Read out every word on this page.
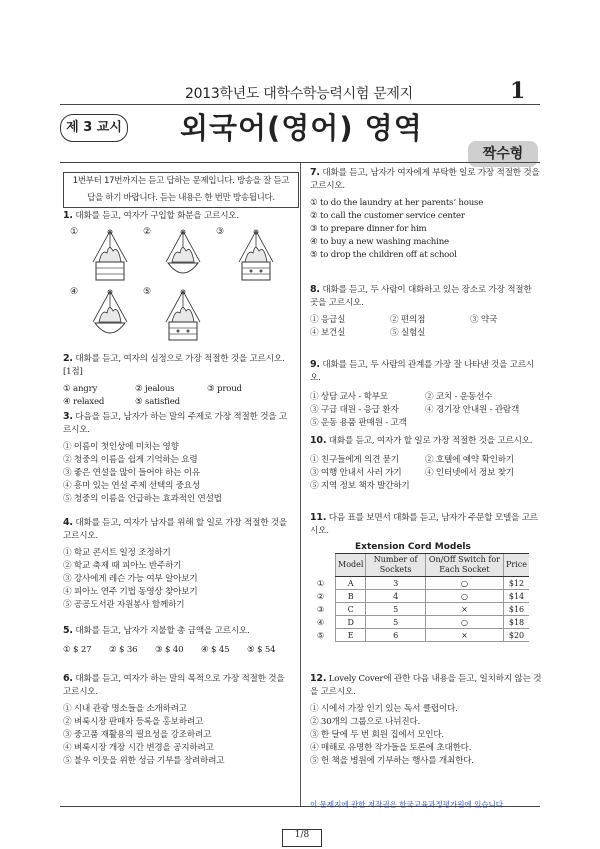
2013학년도 대학수학능력시험 문제지	1
제 3 교시 외국어(영어) 영역
짝수형
1번부터 17번까지는 듣고 답하는 문제입니다. 방송을 잘 듣고 답을 하기 바랍니다. 듣는 내용은 한 번만 방송됩니다.
1. 대화를 듣고, 여자가 구입할 화분을 고르시오.
①	②	③
④	⑤
2. 대화를 듣고, 여자의 심정으로 가장 적절한 것을 고르시오. [1점]
① angry	② jealous	③ proud
④ relaxed	⑤ satisfied
3. 다음을 듣고, 남자가 하는 말의 주제로 가장 적절한 것을 고르시오.
① 이름이 첫인상에 미치는 영향
② 청중의 이름을 쉽게 기억하는 요령
③ 좋은 연설을 많이 들어야 하는 이유
④ 흥미 있는 연설 주제 선택의 중요성
⑤ 청중의 이름을 언급하는 효과적인 연설법
4. 대화를 듣고, 여자가 남자를 위해 할 일로 가장 적절한 것을 고르시오.
① 학교 콘서트 일정 조정하기
② 학교 축제 때 피아노 반주하기
③ 강사에게 레슨 가능 여부 알아보기
④ 피아노 연주 기법 동영상 찾아보기
⑤ 공공도서관 자원봉사 함께하기
5. 대화를 듣고, 남자가 지불할 총 금액을 고르시오.
① $ 27	② $ 36	③ $ 40	④ $ 45	⑤ $ 54
6. 대화를 듣고, 여자가 하는 말의 목적으로 가장 적절한 것을 고르시오.
① 시내 관광 명소들을 소개하려고
② 벼룩시장 판매자 등록을 홍보하려고
③ 중고품 재활용의 필요성을 강조하려고
④ 벼룩시장 개장 시간 변경을 공지하려고
⑤ 불우 이웃을 위한 성금 기부를 장려하려고
7. 대화를 듣고, 남자가 여자에게 부탁한 일로 가장 적절한 것을 고르시오.
① to do the laundry at her parents’ house
② to call the customer service center
③ to prepare dinner for him
④ to buy a new washing machine
⑤ to drop the children off at school
8. 대화를 듣고, 두 사람이 대화하고 있는 장소로 가장 적절한 곳을 고르시오.
① 응급실	② 편의점	③ 약국
④ 보건실	⑤ 실험실
9. 대화를 듣고, 두 사람의 관계를 가장 잘 나타낸 것을 고르시오.
① 상담 교사 - 학부모	② 코치 - 운동선수
③ 구급 대원 - 응급 환자	④ 경기장 안내원 - 관람객
⑤ 운동 용품 판매원 - 고객
10. 대화를 듣고, 여자가 할 일로 가장 적절한 것을 고르시오.
① 친구들에게 의견 묻기	② 호텔에 예약 확인하기
③ 여행 안내서 사러 가기	④ 인터넷에서 정보 찾기
⑤ 지역 정보 책자 발간하기
11. 다음 표를 보면서 대화를 듣고, 남자가 주문할 모델을 고르시오.
Extension Cord Models
	Model	Number of Sockets	On/Off Switch for Each Socket	Price
①	A	3	○	$12
②	B	4	○	$14
③	C	5	×	$16
④	D	5	○	$18
⑤	E	6	×	$20
12. Lovely Cover에 관한 다음 내용을 듣고, 일치하지 않는 것을 고르시오.
① 시에서 가장 인기 있는 독서 클럽이다.
② 30개의 그룹으로 나뉘진다.
③ 한 달에 두 번 회원 집에서 모인다.
④ 매해로 유명한 작가들을 토론에 초대한다.
⑤ 헌 책을 병원에 기부하는 행사를 개최한다.
1/8
이 문제지에 관한 저작권은 한국교육과정평가원에 있습니다.
